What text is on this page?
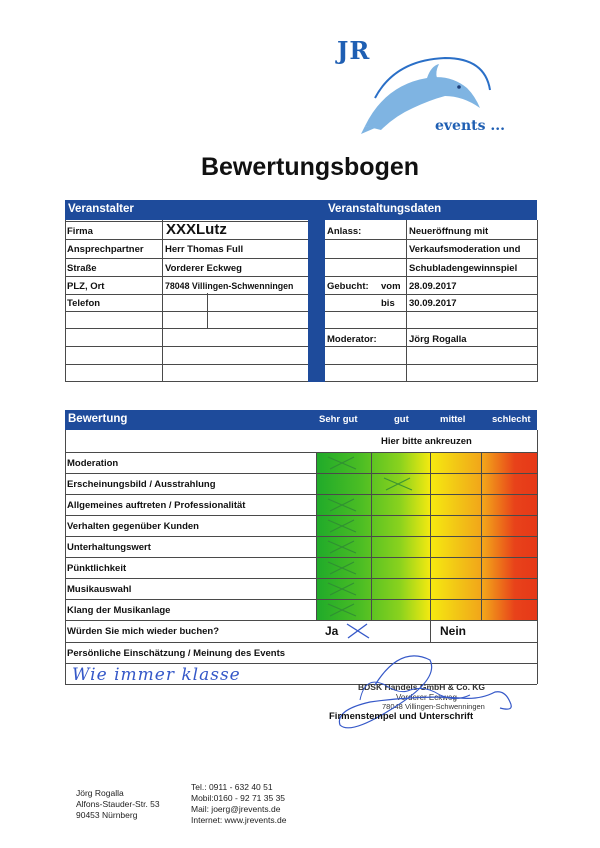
JR
events ...
Bewertungsbogen
Veranstalter	Veranstaltungsdaten
Firma	XXXLutz
Ansprechpartner Herr Thomas Full
Straße	Vorderer Eckweg
PLZ, Ort	78048 Villingen-Schwenningen
Telefon
Anlass:	Neueröffnung mit
Verkaufsmoderation und
Schubladengewinnspiel
Gebucht: vom 28.09.2017
bis 30.09.2017
Moderator:	Jörg Rogalla
Bewertung	Sehr gut	gut	mittel	schlecht
Hier bitte ankreuzen
Moderation
Erscheinungsbild / Ausstrahlung
Allgemeines auftreten / Professionalität
Verhalten gegenüber Kunden
Unterhaltungswert
Pünktlichkeit
Musikauswahl
Klang der Musikanlage
Würden Sie mich wieder buchen?	Ja	Nein
Persönliche Einschätzung / Meinung des Events
Wie immer klasse
BDSK Handels GmbH & Co. KG
Vorderer Eckweg
78048 Villingen-Schwenningen
Firmenstempel und Unterschrift
Jörg Rogalla
Alfons-Stauder-Str. 53
90453 Nürnberg
Tel.: 0911 - 632 40 51
Mobil:0160 - 92 71 35 35
Mail: joerg@jrevents.de
Internet: www.jrevents.de
